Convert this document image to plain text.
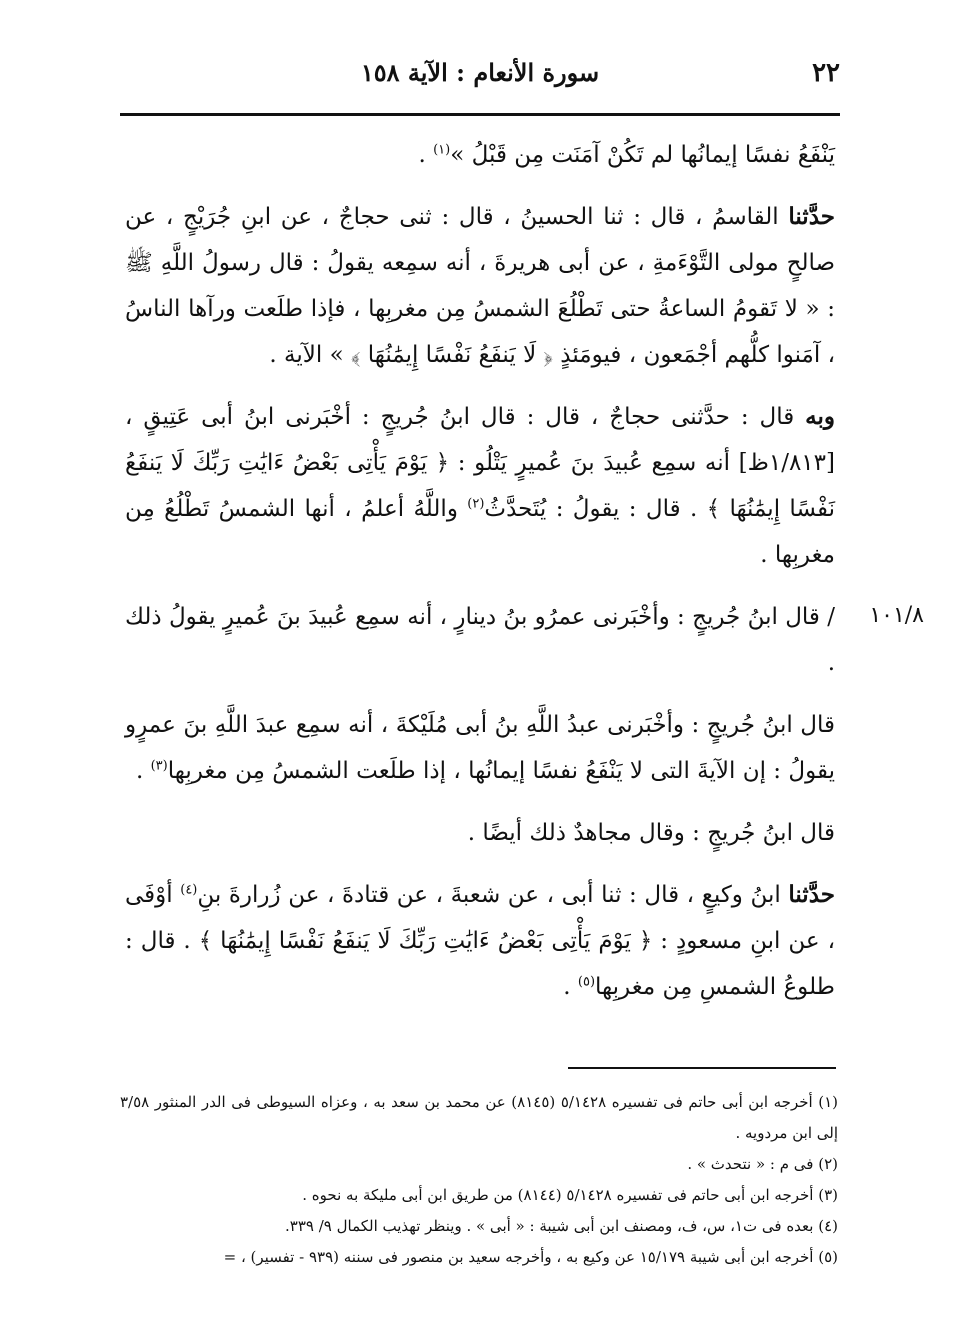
٢٢
سورة الأنعام : الآية ١٥٨
١٠١/٨

يَنْفَعُ نفسًا إيمانُها لم تَكُنْ آمَنَت مِن قَبْلُ »$^{(١)}$ .

حدَّثنا القاسمُ ، قال : ثنا الحسينُ ، قال : ثنى حجاجٌ ، عن ابنِ جُرَيْجٍ ، عن صالحٍ مولى التَّوْءَمةِ ، عن أبى هريرةَ ، أنه سمِعه يقولُ : قال رسولُ اللَّهِ ﷺ : « لا تَقومُ الساعةُ حتى تَطْلُعَ الشمسُ مِن مغربِها ، فإذا طلَعت ورآها الناسُ ، آمَنوا كلُّهم أجْمَعون ، فيومَئذٍ ﴿ لَا يَنفَعُ نَفْسًا إِيمَٰنُهَا ﴾ » الآية .

وبه قال : حدَّثنى حجاجٌ ، قال : قال ابنُ جُريجٍ : أخْبَرنى ابنُ أبى عَتِيقٍ ، [١/٨١٣ظ] أنه سمِع عُبيدَ بنَ عُميرٍ يَتْلُو : ﴿ يَوْمَ يَأْتِى بَعْضُ ءَايَٰتِ رَبِّكَ لَا يَنفَعُ نَفْسًا إِيمَٰنُهَا ﴾ . قال : يقولُ : يُتَحدَّثُ$^{(٢)}$ واللَّهُ أعلمُ ، أنها الشمسُ تَطْلُعُ مِن مغربِها .

/ قال ابنُ جُريجٍ : وأخْبَرنى عمرُو بنُ دينارٍ ، أنه سمِع عُبيدَ بنَ عُميرٍ يقولُ ذلك .

قال ابنُ جُريجٍ : وأخْبَرنى عبدُ اللَّهِ بنُ أبى مُلَيْكةَ ، أنه سمِع عبدَ اللَّهِ بنَ عمرٍو يقولُ : إن الآيةَ التى لا يَنْفَعُ نفسًا إيمانُها ، إذا طلَعت الشمسُ مِن مغربِها$^{(٣)}$ .

قال ابنُ جُريجٍ : وقال مجاهدٌ ذلك أيضًا .

حدَّثنا ابنُ وكيعٍ ، قال : ثنا أبى ، عن شعبةَ ، عن قتادةَ ، عن زُرارةَ بنِ$^{(٤)}$ أوْفَى ، عن ابنِ مسعودٍ : ﴿ يَوْمَ يَأْتِى بَعْضُ ءَايَٰتِ رَبِّكَ لَا يَنفَعُ نَفْسًا إِيمَٰنُهَا ﴾ . قال : طلوعُ الشمسِ مِن مغربِها$^{(٥)}$ .

(١) أخرجه ابن أبى حاتم فى تفسيره ٥/١٤٢٨ (٨١٤٥) عن محمد بن سعد به ، وعزاه السيوطى فى الدر المنثور ٣/٥٨ إلى ابن مردويه .

(٢) فى م : « نتحدث » .

(٣) أخرجه ابن أبى حاتم فى تفسيره ٥/١٤٢٨ (٨١٤٤) من طريق ابن أبى مليكة به نحوه .

(٤) بعده فى ت١، س، ف، ومصنف ابن أبى شيبة : « أبى » . وينظر تهذيب الكمال ٩/ ٣٣٩.

(٥) أخرجه ابن أبى شيبة ١٥/١٧٩ عن وكيع به ، وأخرجه سعيد بن منصور فى سننه (٩٣٩ - تفسير) ، =
